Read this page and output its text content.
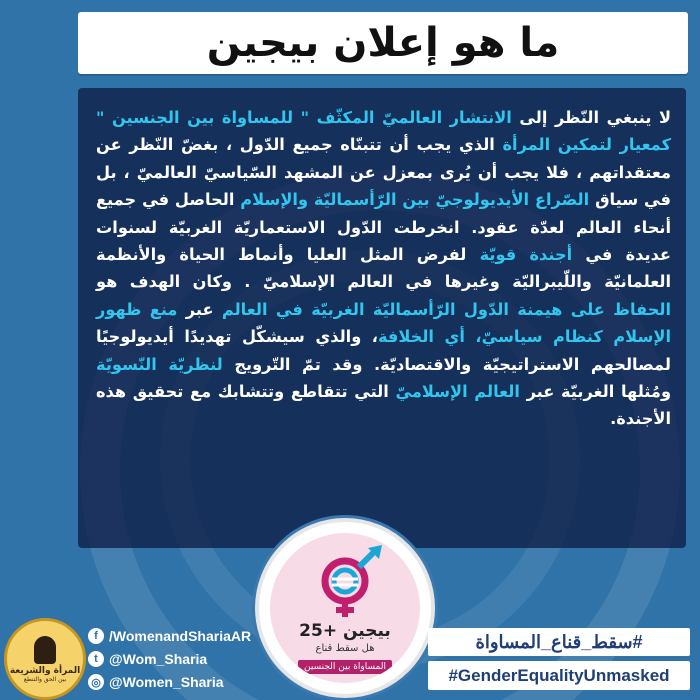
ما هو إعلان بيجين
لا ينبغي النّظر إلى الانتشار العالميّ المكثّف " للمساواة بين الجنسين " كمعيار لتمكين المرأة الذي يجب أن تتبنّاه جميع الدّول ، بغضّ النّظر عن معتقداتهم ، فلا يجب أن يُرى بمعزل عن المشهد السّياسيّ العالميّ ، بل في سياق الصّراع الأيديولوجيّ بين الرّأسماليّة والإسلام الحاصل في جميع أنحاء العالم لعدّة عقود. انخرطت الدّول الاستعماريّة الغربيّة لسنوات عديدة في أجندة قويّة لفرض المثل العليا وأنماط الحياة والأنظمة العلمانيّة واللّيبراليّة وغيرها في العالم الإسلاميّ . وكان الهدف هو الحفاظ على هيمنة الدّول الرّأسماليّة الغربيّة في العالم عبر منع ظهور الإسلام كنظام سياسيّ، أي الخلافة، والذي سيشكّل تهديدًا أيديولوجيًا لمصالحهم الاستراتيجيّة والاقتصاديّة. وقد تمّ التّرويج لنظريّة النّسويّة ومُثلها الغربيّة عبر العالم الإسلاميّ التي تتقاطع وتتشابك مع تحقيق هذه الأجندة.
بيجين +25
هل سقط قناع
المساواة بين الجنسين
المرأة والشريعة
بين الحق والتنطع
f /WomenandShariaAR
t @Wom_Sharia
◎ @Women_Sharia
#سقط_قناع_المساواة
#GenderEqualityUnmasked
